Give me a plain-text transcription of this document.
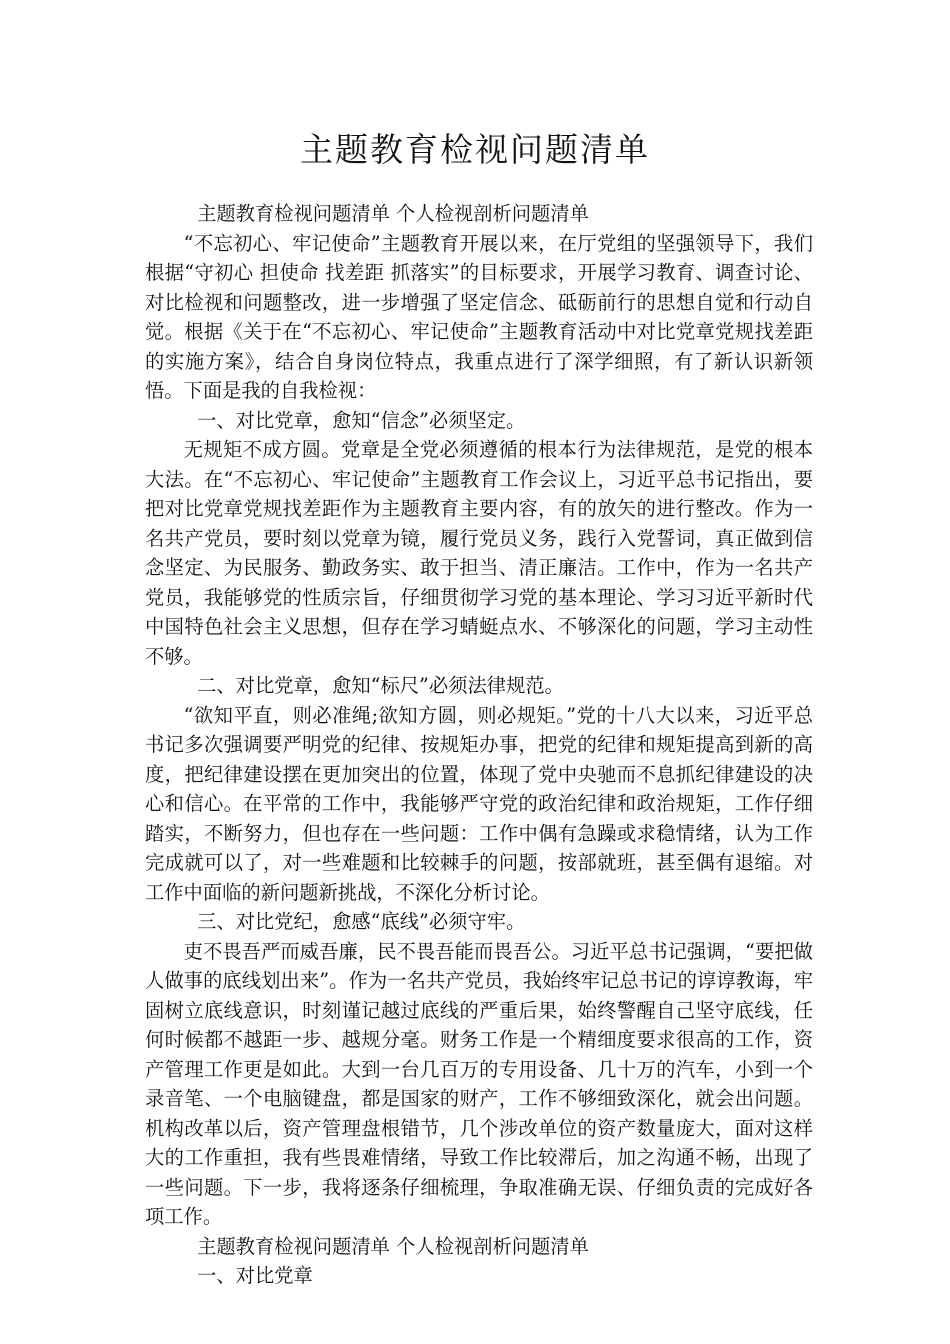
主题教育检视问题清单

主题教育检视问题清单 个人检视剖析问题清单

“不忘初心、牢记使命”主题教育开展以来，在厅党组的坚强领导下，我们根据“守初心 担使命 找差距 抓落实”的目标要求，开展学习教育、调查讨论、对比检视和问题整改，进一步增强了坚定信念、砥砺前行的思想自觉和行动自觉。根据《关于在“不忘初心、牢记使命”主题教育活动中对比党章党规找差距的实施方案》，结合自身岗位特点，我重点进行了深学细照，有了新认识新领悟。下面是我的自我检视：

一、对比党章，愈知“信念”必须坚定。

无规矩不成方圆。党章是全党必须遵循的根本行为法律规范，是党的根本大法。在“不忘初心、牢记使命”主题教育工作会议上，习近平总书记指出，要把对比党章党规找差距作为主题教育主要内容，有的放矢的进行整改。作为一名共产党员，要时刻以党章为镜，履行党员义务，践行入党誓词，真正做到信念坚定、为民服务、勤政务实、敢于担当、清正廉洁。工作中，作为一名共产党员，我能够党的性质宗旨，仔细贯彻学习党的基本理论、学习习近平新时代中国特色社会主义思想，但存在学习蜻蜓点水、不够深化的问题，学习主动性不够。

二、对比党章，愈知“标尺”必须法律规范。

“欲知平直，则必准绳;欲知方圆，则必规矩。”党的十八大以来，习近平总书记多次强调要严明党的纪律、按规矩办事，把党的纪律和规矩提高到新的高度，把纪律建设摆在更加突出的位置，体现了党中央驰而不息抓纪律建设的决心和信心。在平常的工作中，我能够严守党的政治纪律和政治规矩，工作仔细踏实，不断努力，但也存在一些问题：工作中偶有急躁或求稳情绪，认为工作完成就可以了，对一些难题和比较棘手的问题，按部就班，甚至偶有退缩。对工作中面临的新问题新挑战，不深化分析讨论。

三、对比党纪，愈感“底线”必须守牢。

吏不畏吾严而威吾廉，民不畏吾能而畏吾公。习近平总书记强调，“要把做人做事的底线划出来”。作为一名共产党员，我始终牢记总书记的谆谆教诲，牢固树立底线意识，时刻谨记越过底线的严重后果，始终警醒自己坚守底线，任何时候都不越距一步、越规分毫。财务工作是一个精细度要求很高的工作，资产管理工作更是如此。大到一台几百万的专用设备、几十万的汽车，小到一个录音笔、一个电脑键盘，都是国家的财产，工作不够细致深化，就会出问题。机构改革以后，资产管理盘根错节，几个涉改单位的资产数量庞大，面对这样大的工作重担，我有些畏难情绪，导致工作比较滞后，加之沟通不畅，出现了一些问题。下一步，我将逐条仔细梳理，争取准确无误、仔细负责的完成好各项工作。

主题教育检视问题清单 个人检视剖析问题清单

一、对比党章
